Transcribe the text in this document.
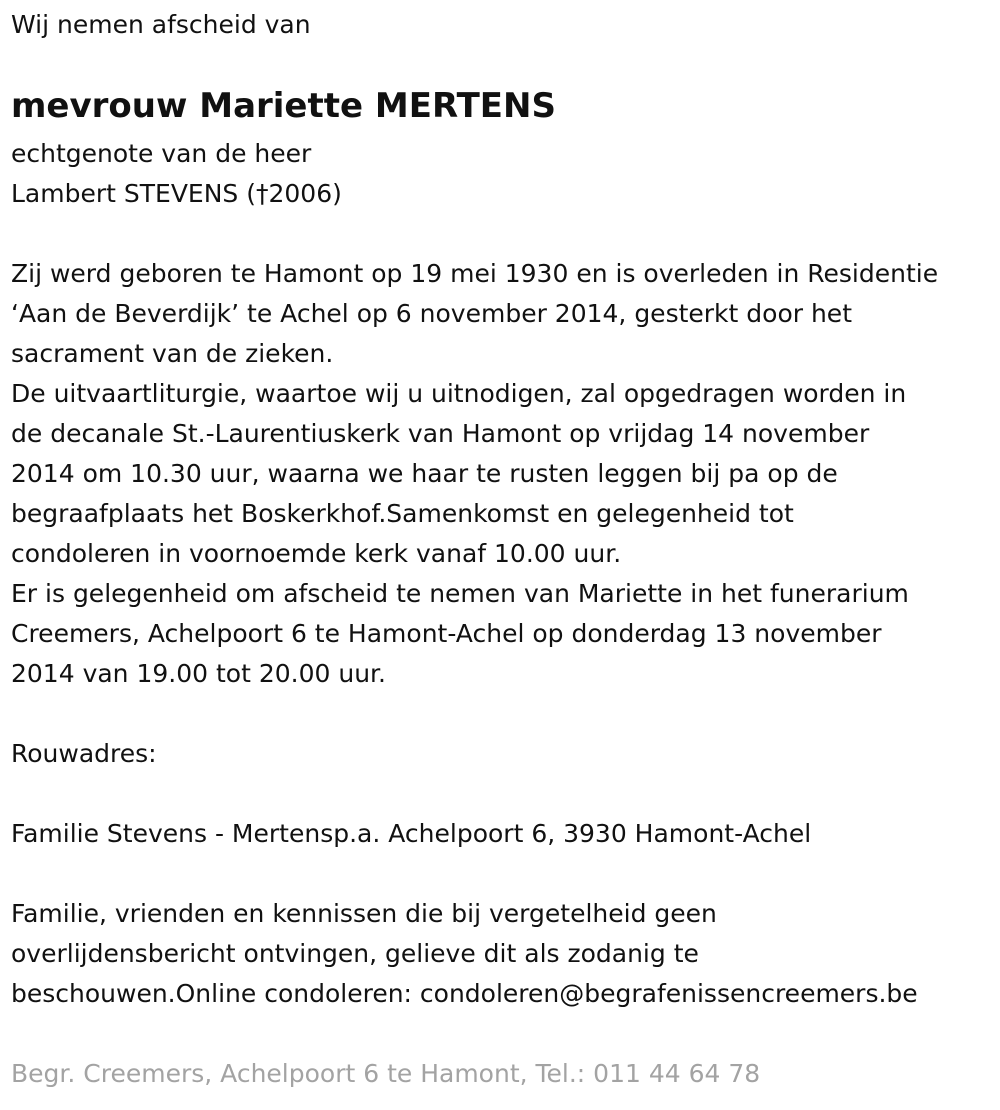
Wij nemen afscheid van
mevrouw Mariette MERTENS
echtgenote van de heer
Lambert STEVENS (†2006)
Zij werd geboren te Hamont op 19 mei 1930 en is overleden in Residentie
‘Aan de Beverdijk’ te Achel op 6 november 2014, gesterkt door het
sacrament van de zieken.
De uitvaartliturgie, waartoe wij u uitnodigen, zal opgedragen worden in
de decanale St.-Laurentiuskerk van Hamont op vrijdag 14 november
2014 om 10.30 uur, waarna we haar te rusten leggen bij pa op de
begraafplaats het Boskerkhof.Samenkomst en gelegenheid tot
condoleren in voornoemde kerk vanaf 10.00 uur.
Er is gelegenheid om afscheid te nemen van Mariette in het funerarium
Creemers, Achelpoort 6 te Hamont-Achel op donderdag 13 november
2014 van 19.00 tot 20.00 uur.
Rouwadres:
Familie Stevens - Mertensp.a. Achelpoort 6, 3930 Hamont-Achel
Familie, vrienden en kennissen die bij vergetelheid geen
overlijdensbericht ontvingen, gelieve dit als zodanig te
beschouwen.Online condoleren: condoleren@begrafenissencreemers.be
Begr. Creemers, Achelpoort 6 te Hamont, Tel.: 011 44 64 78
